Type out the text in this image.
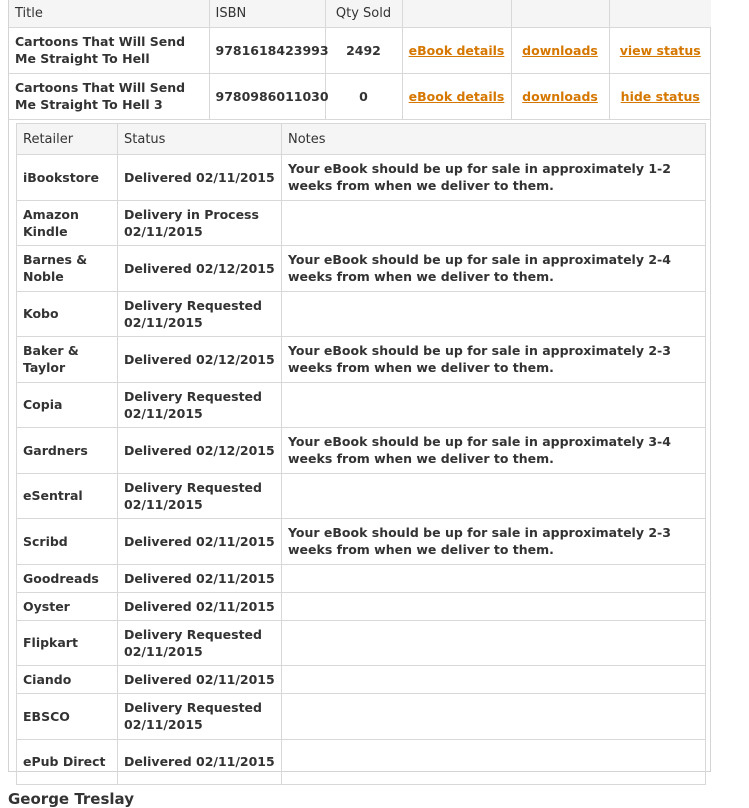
Title	ISBN	Qty Sold			
Cartoons That Will Send Me Straight To Hell	9781618423993	2492	eBook details	downloads	view status
Cartoons That Will Send Me Straight To Hell 3	9780986011030	0	eBook details	downloads	hide status
Retailer	Status	Notes
iBookstore	Delivered 02/11/2015	Your eBook should be up for sale in approximately 1-2 weeks from when we deliver to them.
Amazon Kindle	Delivery in Process 02/11/2015	
Barnes & Noble	Delivered 02/12/2015	Your eBook should be up for sale in approximately 2-4 weeks from when we deliver to them.
Kobo	Delivery Requested 02/11/2015	
Baker & Taylor	Delivered 02/12/2015	Your eBook should be up for sale in approximately 2-3 weeks from when we deliver to them.
Copia	Delivery Requested 02/11/2015	
Gardners	Delivered 02/12/2015	Your eBook should be up for sale in approximately 3-4 weeks from when we deliver to them.
eSentral	Delivery Requested 02/11/2015	
Scribd	Delivered 02/11/2015	Your eBook should be up for sale in approximately 2-3 weeks from when we deliver to them.
Goodreads	Delivered 02/11/2015	
Oyster	Delivered 02/11/2015	
Flipkart	Delivery Requested 02/11/2015	
Ciando	Delivered 02/11/2015	
EBSCO	Delivery Requested 02/11/2015	
ePub Direct	Delivered 02/11/2015	
George Treslay
